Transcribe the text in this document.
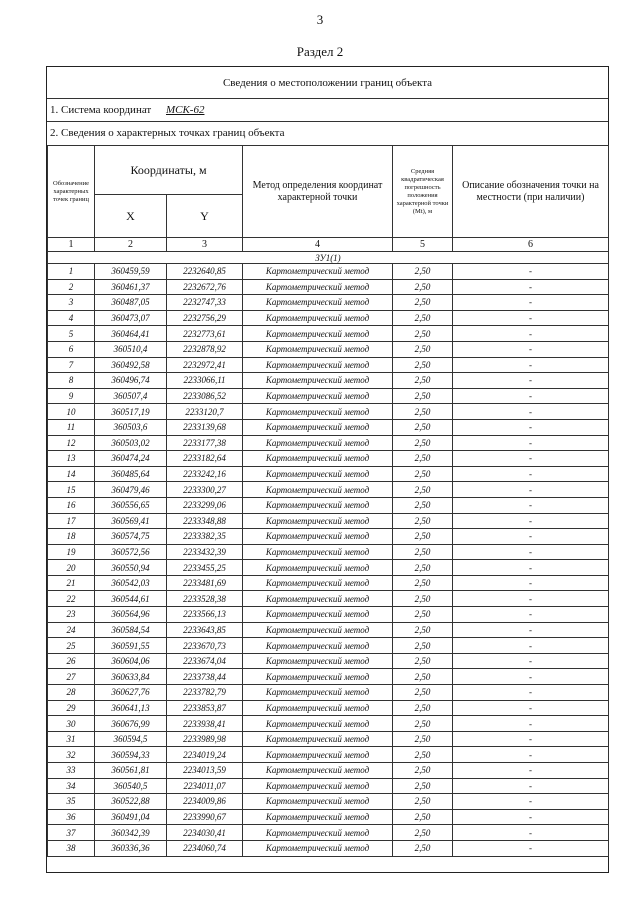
3
Раздел 2
Сведения о местоположении границ объекта
1. Система координат МСК-62
2. Сведения о характерных точках границ объекта
Обозначение характерных точек границ	Координаты, м		Метод определения координат характерной точки	Средняя квадратическая погрешность положения характерной точки (Mt), м	Описание обозначения точки на местности (при наличии)
	X	Y			
1	2	3	4	5	6
ЗУ1(1)					
1	360459,59	2232640,85	Картометрический метод	2,50	-
2	360461,37	2232672,76	Картометрический метод	2,50	-
3	360487,05	2232747,33	Картометрический метод	2,50	-
4	360473,07	2232756,29	Картометрический метод	2,50	-
5	360464,41	2232773,61	Картометрический метод	2,50	-
6	360510,4	2232878,92	Картометрический метод	2,50	-
7	360492,58	2232972,41	Картометрический метод	2,50	-
8	360496,74	2233066,11	Картометрический метод	2,50	-
9	360507,4	2233086,52	Картометрический метод	2,50	-
10	360517,19	2233120,7	Картометрический метод	2,50	-
11	360503,6	2233139,68	Картометрический метод	2,50	-
12	360503,02	2233177,38	Картометрический метод	2,50	-
13	360474,24	2233182,64	Картометрический метод	2,50	-
14	360485,64	2233242,16	Картометрический метод	2,50	-
15	360479,46	2233300,27	Картометрический метод	2,50	-
16	360556,65	2233299,06	Картометрический метод	2,50	-
17	360569,41	2233348,88	Картометрический метод	2,50	-
18	360574,75	2233382,35	Картометрический метод	2,50	-
19	360572,56	2233432,39	Картометрический метод	2,50	-
20	360550,94	2233455,25	Картометрический метод	2,50	-
21	360542,03	2233481,69	Картометрический метод	2,50	-
22	360544,61	2233528,38	Картометрический метод	2,50	-
23	360564,96	2233566,13	Картометрический метод	2,50	-
24	360584,54	2233643,85	Картометрический метод	2,50	-
25	360591,55	2233670,73	Картометрический метод	2,50	-
26	360604,06	2233674,04	Картометрический метод	2,50	-
27	360633,84	2233738,44	Картометрический метод	2,50	-
28	360627,76	2233782,79	Картометрический метод	2,50	-
29	360641,13	2233853,87	Картометрический метод	2,50	-
30	360676,99	2233938,41	Картометрический метод	2,50	-
31	360594,5	2233989,98	Картометрический метод	2,50	-
32	360594,33	2234019,24	Картометрический метод	2,50	-
33	360561,81	2234013,59	Картометрический метод	2,50	-
34	360540,5	2234011,07	Картометрический метод	2,50	-
35	360522,88	2234009,86	Картометрический метод	2,50	-
36	360491,04	2233990,67	Картометрический метод	2,50	-
37	360342,39	2234030,41	Картометрический метод	2,50	-
38	360336,36	2234060,74	Картометрический метод	2,50	-
